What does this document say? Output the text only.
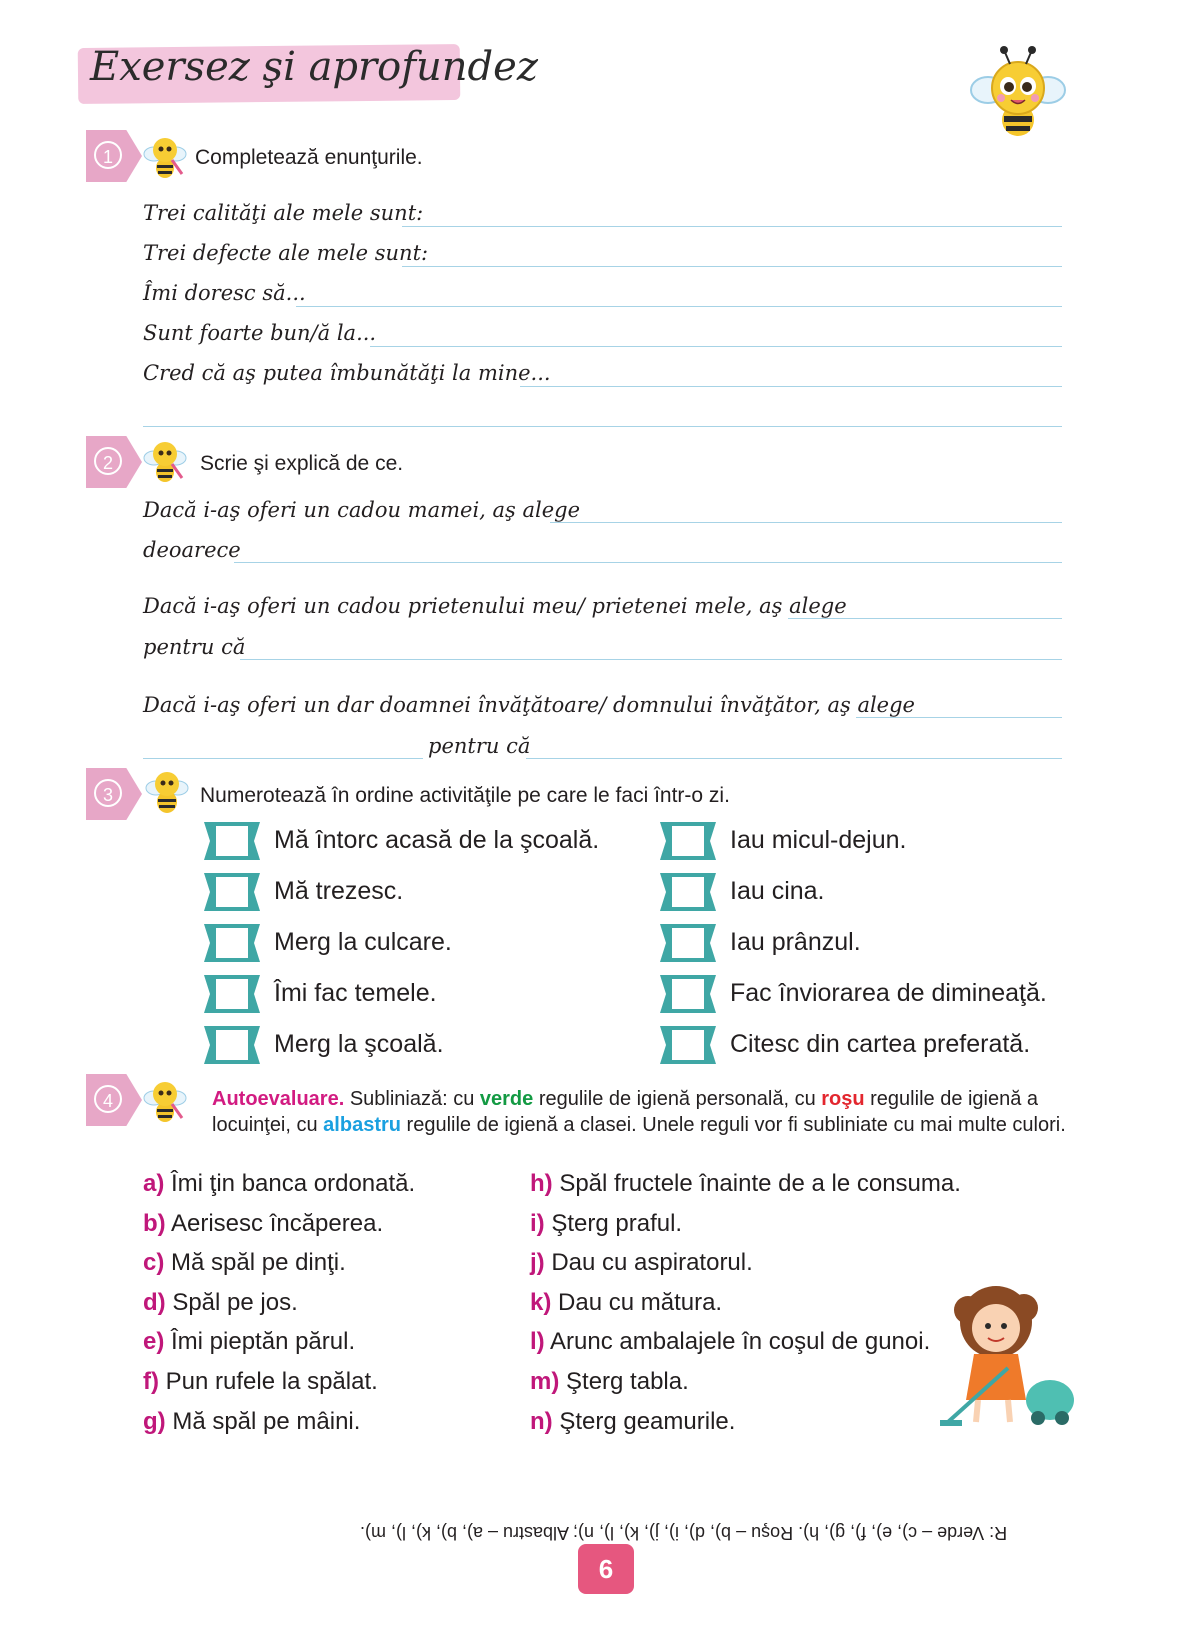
Exersez şi aprofundez
1	Completează enunţurile.
Trei calităţi ale mele sunt:
Trei defecte ale mele sunt:
Îmi doresc să...
Sunt foarte bun/ă la...
Cred că aş putea îmbunătăţi la mine...
2	Scrie şi explică de ce.
Dacă i-aş oferi un cadou mamei, aş alege
deoarece
Dacă i-aş oferi un cadou prietenului meu/ prietenei mele, aş alege
pentru că
Dacă i-aş oferi un dar doamnei învăţătoare/ domnului învăţător, aş alege
pentru că
3	Numerotează în ordine activităţile pe care le faci într-o zi.
Mă întorc acasă de la şcoală.
Mă trezesc.
Merg la culcare.
Îmi fac temele.
Merg la şcoală.
Iau micul-dejun.
Iau cina.
Iau prânzul.
Fac înviorarea de dimineaţă.
Citesc din cartea preferată.
4	Autoevaluare. Subliniază: cu verde regulile de igienă personală, cu roşu regulile de igienă a locuinţei, cu albastru regulile de igienă a clasei. Unele reguli vor fi subliniate cu mai multe culori.
a) Îmi ţin banca ordonată.
b) Aerisesc încăperea.
c) Mă spăl pe dinţi.
d) Spăl pe jos.
e) Îmi pieptăn părul.
f) Pun rufele la spălat.
g) Mă spăl pe mâini.
h) Spăl fructele înainte de a le consuma.
i) Şterg praful.
j) Dau cu aspiratorul.
k) Dau cu mătura.
l) Arunc ambalajele în coşul de gunoi.
m) Şterg tabla.
n) Şterg geamurile.
R: Verde – c), e), f), g), h). Roşu – b), d), i), j), k), l), n); Albastru – a), b), k), l), m).
6
